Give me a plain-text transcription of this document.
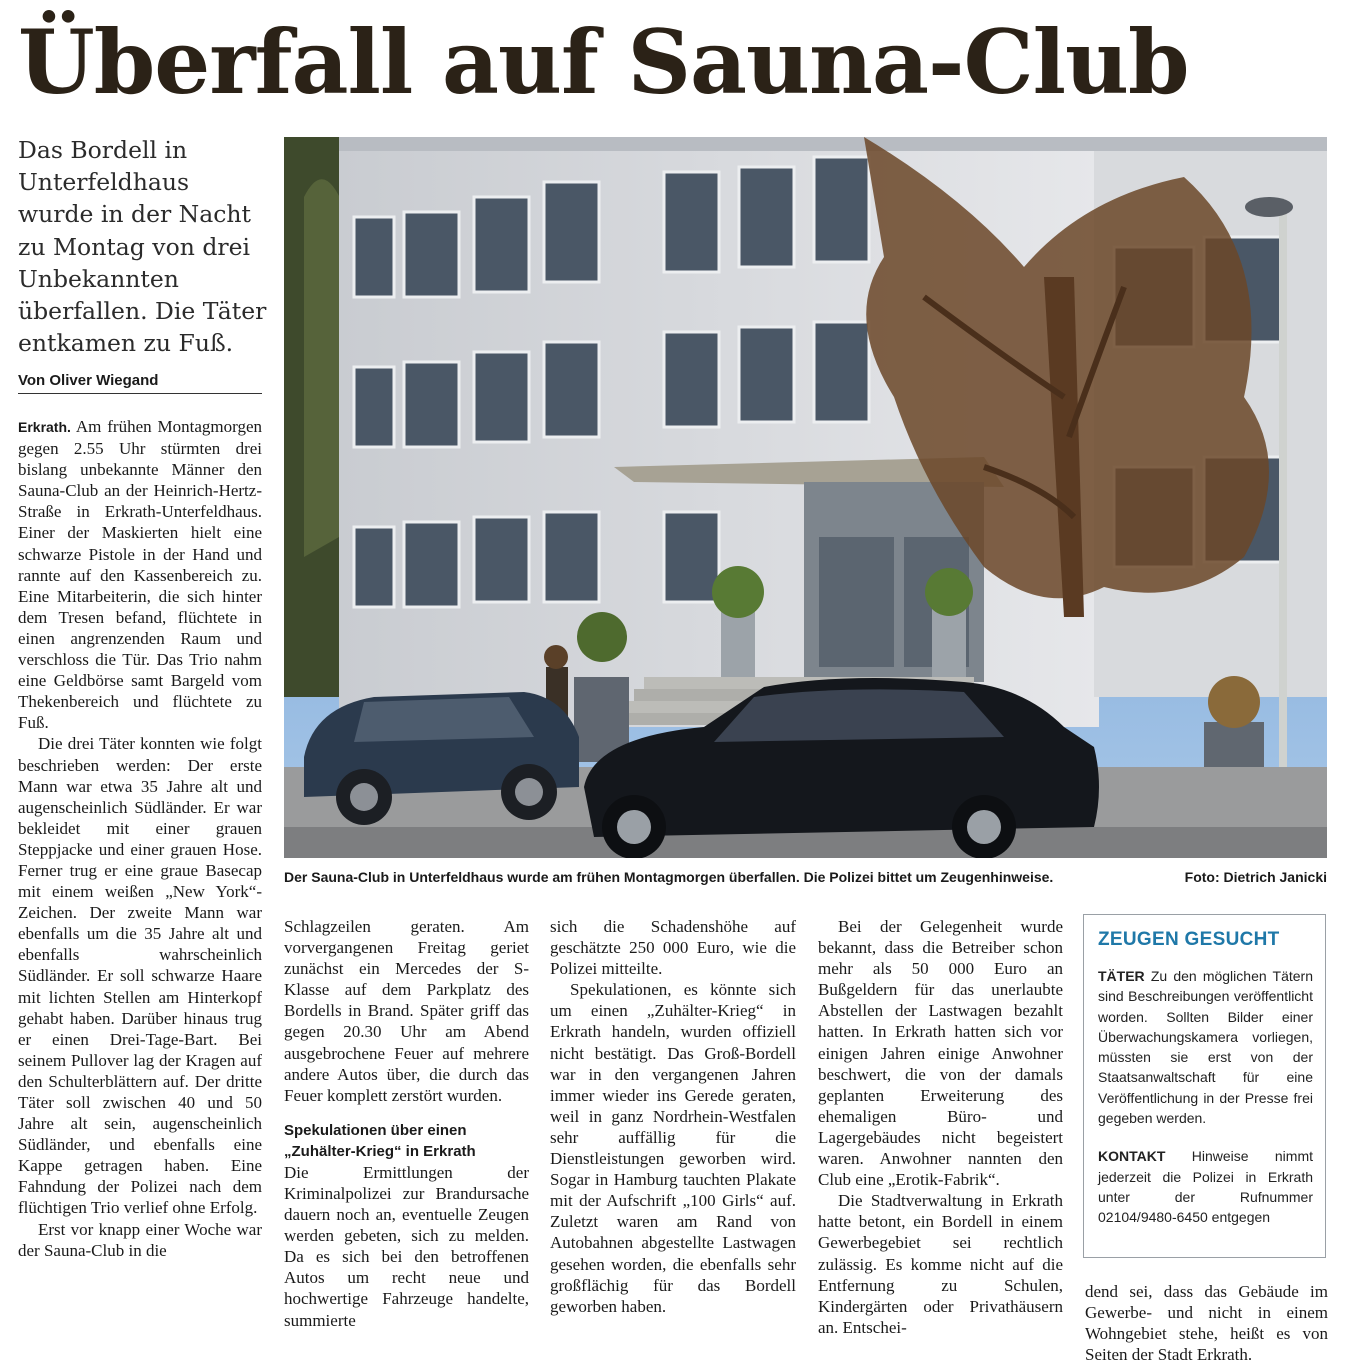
Überfall auf Sauna-Club

Das Bordell in Unterfeldhaus wurde in der Nacht zu Montag von drei Unbekannten überfallen. Die Täter entkamen zu Fuß.

Von Oliver Wiegand

Erkrath. Am frühen Montagmorgen gegen 2.55 Uhr stürmten drei bislang unbekannte Männer den Sauna-Club an der Heinrich-Hertz-Straße in Erkrath-Unterfeldhaus. Einer der Maskierten hielt eine schwarze Pistole in der Hand und rannte auf den Kassenbereich zu. Eine Mitarbeiterin, die sich hinter dem Tresen befand, flüchtete in einen angrenzenden Raum und verschloss die Tür. Das Trio nahm eine Geldbörse samt Bargeld vom Thekenbereich und flüchtete zu Fuß.

Die drei Täter konnten wie folgt beschrieben werden: Der erste Mann war etwa 35 Jahre alt und augenscheinlich Südländer. Er war bekleidet mit einer grauen Steppjacke und einer grauen Hose. Ferner trug er eine graue Basecap mit einem weißen „New York“-Zeichen. Der zweite Mann war ebenfalls um die 35 Jahre alt und ebenfalls wahrscheinlich Südländer. Er soll schwarze Haare mit lichten Stellen am Hinterkopf gehabt haben. Darüber hinaus trug er einen Drei-Tage-Bart. Bei seinem Pullover lag der Kragen auf den Schulterblättern auf. Der dritte Täter soll zwischen 40 und 50 Jahre alt sein, augenscheinlich Südländer, und ebenfalls eine Kappe getragen haben. Eine Fahndung der Polizei nach dem flüchtigen Trio verlief ohne Erfolg.

Erst vor knapp einer Woche war der Sauna-Club in die

Der Sauna-Club in Unterfeldhaus wurde am frühen Montagmorgen überfallen. Die Polizei bittet um Zeugenhinweise.	Foto: Dietrich Janicki

Schlagzeilen geraten. Am vorvergangenen Freitag geriet zunächst ein Mercedes der S-Klasse auf dem Parkplatz des Bordells in Brand. Später griff das gegen 20.30 Uhr am Abend ausgebrochene Feuer auf mehrere andere Autos über, die durch das Feuer komplett zerstört wurden.

Spekulationen über einen „Zuhälter-Krieg“ in Erkrath

Die Ermittlungen der Kriminalpolizei zur Brandursache dauern noch an, eventuelle Zeugen werden gebeten, sich zu melden. Da es sich bei den betroffenen Autos um recht neue und hochwertige Fahrzeuge handelte, summierte

sich die Schadenshöhe auf geschätzte 250 000 Euro, wie die Polizei mitteilte.

Spekulationen, es könnte sich um einen „Zuhälter-Krieg“ in Erkrath handeln, wurden offiziell nicht bestätigt. Das Groß-Bordell war in den vergangenen Jahren immer wieder ins Gerede geraten, weil in ganz Nordrhein-Westfalen sehr auffällig für die Dienstleistungen geworben wird. Sogar in Hamburg tauchten Plakate mit der Aufschrift „100 Girls“ auf. Zuletzt waren am Rand von Autobahnen abgestellte Lastwagen gesehen worden, die ebenfalls sehr großflächig für das Bordell geworben haben.

Bei der Gelegenheit wurde bekannt, dass die Betreiber schon mehr als 50 000 Euro an Bußgeldern für das unerlaubte Abstellen der Lastwagen bezahlt hatten. In Erkrath hatten sich vor einigen Jahren einige Anwohner beschwert, die von der damals geplanten Erweiterung des ehemaligen Büro- und Lagergebäudes nicht begeistert waren. Anwohner nannten den Club eine „Erotik-Fabrik“.

Die Stadtverwaltung in Erkrath hatte betont, ein Bordell in einem Gewerbegebiet sei rechtlich zulässig. Es komme nicht auf die Entfernung zu Schulen, Kindergärten oder Privathäusern an. Entschei-

ZEUGEN GESUCHT

TÄTER Zu den möglichen Tätern sind Beschreibungen veröffentlicht worden. Sollten Bilder einer Überwachungskamera vorliegen, müssten sie erst von der Staatsanwaltschaft für eine Veröffentlichung in der Presse frei gegeben werden.

KONTAKT Hinweise nimmt jederzeit die Polizei in Erkrath unter der Rufnummer 02104/9480-6450 entgegen

dend sei, dass das Gebäude im Gewerbe- und nicht in einem Wohngebiet stehe, heißt es von Seiten der Stadt Erkrath.
